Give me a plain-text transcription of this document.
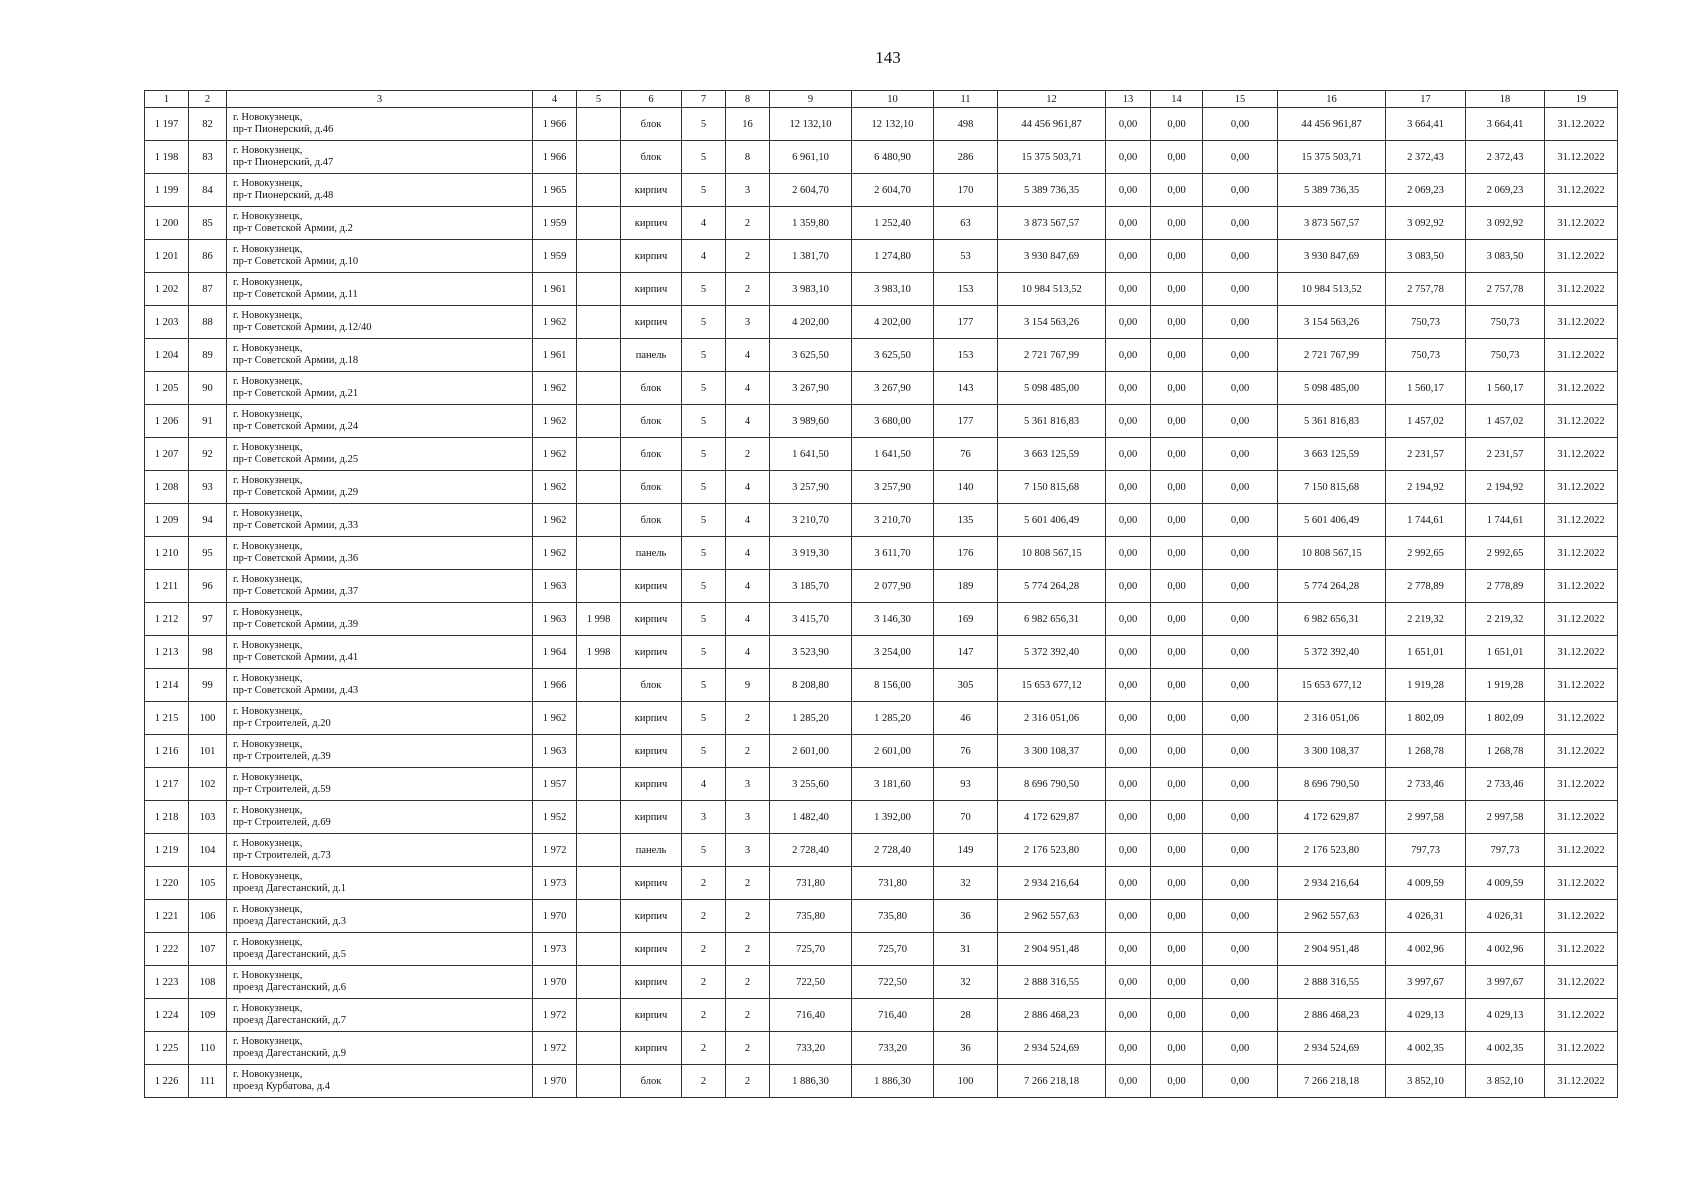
143
1	2	3	4	5	6	7	8	9	10	11	12	13	14	15	16	17	18	19
1 197	82	г. Новокузнецк,
пр-т Пионерский, д.46	1 966		блок	5	16	12 132,10	12 132,10	498	44 456 961,87	0,00	0,00	0,00	44 456 961,87	3 664,41	3 664,41	31.12.2022
1 198	83	г. Новокузнецк,
пр-т Пионерский, д.47	1 966		блок	5	8	6 961,10	6 480,90	286	15 375 503,71	0,00	0,00	0,00	15 375 503,71	2 372,43	2 372,43	31.12.2022
1 199	84	г. Новокузнецк,
пр-т Пионерский, д.48	1 965		кирпич	5	3	2 604,70	2 604,70	170	5 389 736,35	0,00	0,00	0,00	5 389 736,35	2 069,23	2 069,23	31.12.2022
1 200	85	г. Новокузнецк,
пр-т Советской Армии, д.2	1 959		кирпич	4	2	1 359,80	1 252,40	63	3 873 567,57	0,00	0,00	0,00	3 873 567,57	3 092,92	3 092,92	31.12.2022
1 201	86	г. Новокузнецк,
пр-т Советской Армии, д.10	1 959		кирпич	4	2	1 381,70	1 274,80	53	3 930 847,69	0,00	0,00	0,00	3 930 847,69	3 083,50	3 083,50	31.12.2022
1 202	87	г. Новокузнецк,
пр-т Советской Армии, д.11	1 961		кирпич	5	2	3 983,10	3 983,10	153	10 984 513,52	0,00	0,00	0,00	10 984 513,52	2 757,78	2 757,78	31.12.2022
1 203	88	г. Новокузнецк,
пр-т Советской Армии, д.12/40	1 962		кирпич	5	3	4 202,00	4 202,00	177	3 154 563,26	0,00	0,00	0,00	3 154 563,26	750,73	750,73	31.12.2022
1 204	89	г. Новокузнецк,
пр-т Советской Армии, д.18	1 961		панель	5	4	3 625,50	3 625,50	153	2 721 767,99	0,00	0,00	0,00	2 721 767,99	750,73	750,73	31.12.2022
1 205	90	г. Новокузнецк,
пр-т Советской Армии, д.21	1 962		блок	5	4	3 267,90	3 267,90	143	5 098 485,00	0,00	0,00	0,00	5 098 485,00	1 560,17	1 560,17	31.12.2022
1 206	91	г. Новокузнецк,
пр-т Советской Армии, д.24	1 962		блок	5	4	3 989,60	3 680,00	177	5 361 816,83	0,00	0,00	0,00	5 361 816,83	1 457,02	1 457,02	31.12.2022
1 207	92	г. Новокузнецк,
пр-т Советской Армии, д.25	1 962		блок	5	2	1 641,50	1 641,50	76	3 663 125,59	0,00	0,00	0,00	3 663 125,59	2 231,57	2 231,57	31.12.2022
1 208	93	г. Новокузнецк,
пр-т Советской Армии, д.29	1 962		блок	5	4	3 257,90	3 257,90	140	7 150 815,68	0,00	0,00	0,00	7 150 815,68	2 194,92	2 194,92	31.12.2022
1 209	94	г. Новокузнецк,
пр-т Советской Армии, д.33	1 962		блок	5	4	3 210,70	3 210,70	135	5 601 406,49	0,00	0,00	0,00	5 601 406,49	1 744,61	1 744,61	31.12.2022
1 210	95	г. Новокузнецк,
пр-т Советской Армии, д.36	1 962		панель	5	4	3 919,30	3 611,70	176	10 808 567,15	0,00	0,00	0,00	10 808 567,15	2 992,65	2 992,65	31.12.2022
1 211	96	г. Новокузнецк,
пр-т Советской Армии, д.37	1 963		кирпич	5	4	3 185,70	2 077,90	189	5 774 264,28	0,00	0,00	0,00	5 774 264,28	2 778,89	2 778,89	31.12.2022
1 212	97	г. Новокузнецк,
пр-т Советской Армии, д.39	1 963	1 998	кирпич	5	4	3 415,70	3 146,30	169	6 982 656,31	0,00	0,00	0,00	6 982 656,31	2 219,32	2 219,32	31.12.2022
1 213	98	г. Новокузнецк,
пр-т Советской Армии, д.41	1 964	1 998	кирпич	5	4	3 523,90	3 254,00	147	5 372 392,40	0,00	0,00	0,00	5 372 392,40	1 651,01	1 651,01	31.12.2022
1 214	99	г. Новокузнецк,
пр-т Советской Армии, д.43	1 966		блок	5	9	8 208,80	8 156,00	305	15 653 677,12	0,00	0,00	0,00	15 653 677,12	1 919,28	1 919,28	31.12.2022
1 215	100	г. Новокузнецк,
пр-т Строителей, д.20	1 962		кирпич	5	2	1 285,20	1 285,20	46	2 316 051,06	0,00	0,00	0,00	2 316 051,06	1 802,09	1 802,09	31.12.2022
1 216	101	г. Новокузнецк,
пр-т Строителей, д.39	1 963		кирпич	5	2	2 601,00	2 601,00	76	3 300 108,37	0,00	0,00	0,00	3 300 108,37	1 268,78	1 268,78	31.12.2022
1 217	102	г. Новокузнецк,
пр-т Строителей, д.59	1 957		кирпич	4	3	3 255,60	3 181,60	93	8 696 790,50	0,00	0,00	0,00	8 696 790,50	2 733,46	2 733,46	31.12.2022
1 218	103	г. Новокузнецк,
пр-т Строителей, д.69	1 952		кирпич	3	3	1 482,40	1 392,00	70	4 172 629,87	0,00	0,00	0,00	4 172 629,87	2 997,58	2 997,58	31.12.2022
1 219	104	г. Новокузнецк,
пр-т Строителей, д.73	1 972		панель	5	3	2 728,40	2 728,40	149	2 176 523,80	0,00	0,00	0,00	2 176 523,80	797,73	797,73	31.12.2022
1 220	105	г. Новокузнецк,
проезд Дагестанский, д.1	1 973		кирпич	2	2	731,80	731,80	32	2 934 216,64	0,00	0,00	0,00	2 934 216,64	4 009,59	4 009,59	31.12.2022
1 221	106	г. Новокузнецк,
проезд Дагестанский, д.3	1 970		кирпич	2	2	735,80	735,80	36	2 962 557,63	0,00	0,00	0,00	2 962 557,63	4 026,31	4 026,31	31.12.2022
1 222	107	г. Новокузнецк,
проезд Дагестанский, д.5	1 973		кирпич	2	2	725,70	725,70	31	2 904 951,48	0,00	0,00	0,00	2 904 951,48	4 002,96	4 002,96	31.12.2022
1 223	108	г. Новокузнецк,
проезд Дагестанский, д.6	1 970		кирпич	2	2	722,50	722,50	32	2 888 316,55	0,00	0,00	0,00	2 888 316,55	3 997,67	3 997,67	31.12.2022
1 224	109	г. Новокузнецк,
проезд Дагестанский, д.7	1 972		кирпич	2	2	716,40	716,40	28	2 886 468,23	0,00	0,00	0,00	2 886 468,23	4 029,13	4 029,13	31.12.2022
1 225	110	г. Новокузнецк,
проезд Дагестанский, д.9	1 972		кирпич	2	2	733,20	733,20	36	2 934 524,69	0,00	0,00	0,00	2 934 524,69	4 002,35	4 002,35	31.12.2022
1 226	111	г. Новокузнецк,
проезд Курбатова, д.4	1 970		блок	2	2	1 886,30	1 886,30	100	7 266 218,18	0,00	0,00	0,00	7 266 218,18	3 852,10	3 852,10	31.12.2022
